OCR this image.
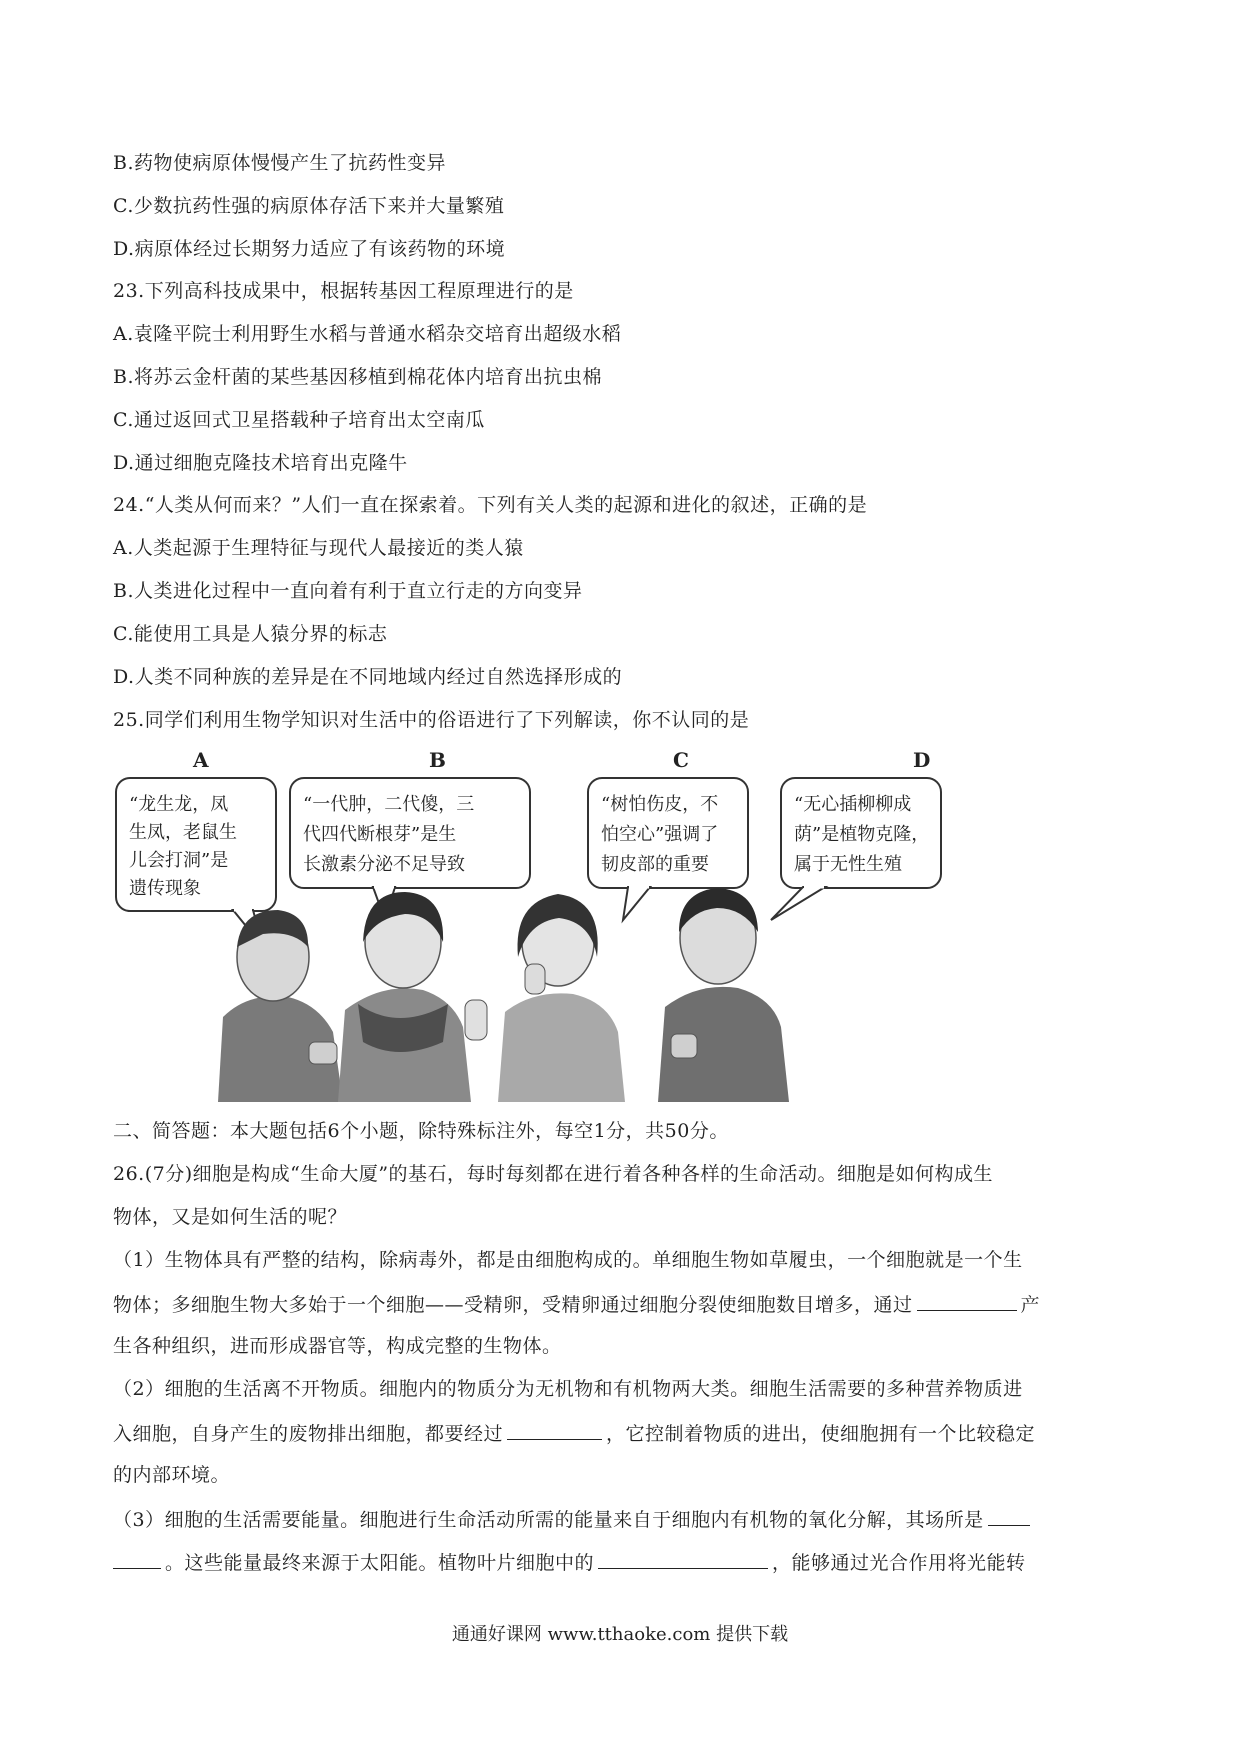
B.药物使病原体慢慢产生了抗药性变异
C.少数抗药性强的病原体存活下来并大量繁殖
D.病原体经过长期努力适应了有该药物的环境
23.下列高科技成果中，根据转基因工程原理进行的是
A.袁隆平院士利用野生水稻与普通水稻杂交培育出超级水稻
B.将苏云金杆菌的某些基因移植到棉花体内培育出抗虫棉
C.通过返回式卫星搭载种子培育出太空南瓜
D.通过细胞克隆技术培育出克隆牛
24.“人类从何而来？”人们一直在探索着。下列有关人类的起源和进化的叙述，正确的是
A.人类起源于生理特征与现代人最接近的类人猿
B.人类进化过程中一直向着有利于直立行走的方向变异
C.能使用工具是人猿分界的标志
D.人类不同种族的差异是在不同地域内经过自然选择形成的
25.同学们利用生物学知识对生活中的俗语进行了下列解读，你不认同的是
A	B	C	D
“龙生龙，凤
生凤，老鼠生
儿会打洞”是
遗传现象
“一代肿，二代傻，三
代四代断根芽”是生
长激素分泌不足导致
“树怕伤皮，不
怕空心”强调了
韧皮部的重要
“无心插柳柳成
荫”是植物克隆，
属于无性生殖
二、简答题：本大题包括6个小题，除特殊标注外，每空1分，共50分。
26.(7分)细胞是构成“生命大厦”的基石，每时每刻都在进行着各种各样的生命活动。细胞是如何构成生
物体，又是如何生活的呢？
（1）生物体具有严整的结构，除病毒外，都是由细胞构成的。单细胞生物如草履虫，一个细胞就是一个生
物体；多细胞生物大多始于一个细胞——受精卵，受精卵通过细胞分裂使细胞数目增多，通过	产
生各种组织，进而形成器官等，构成完整的生物体。
（2）细胞的生活离不开物质。细胞内的物质分为无机物和有机物两大类。细胞生活需要的多种营养物质进
入细胞，自身产生的废物排出细胞，都要经过	，它控制着物质的进出，使细胞拥有一个比较稳定
的内部环境。
（3）细胞的生活需要能量。细胞进行生命活动所需的能量来自于细胞内有机物的氧化分解，其场所是
。这些能量最终来源于太阳能。植物叶片细胞中的	，能够通过光合作用将光能转
通通好课网 www.tthaoke.com 提供下载
